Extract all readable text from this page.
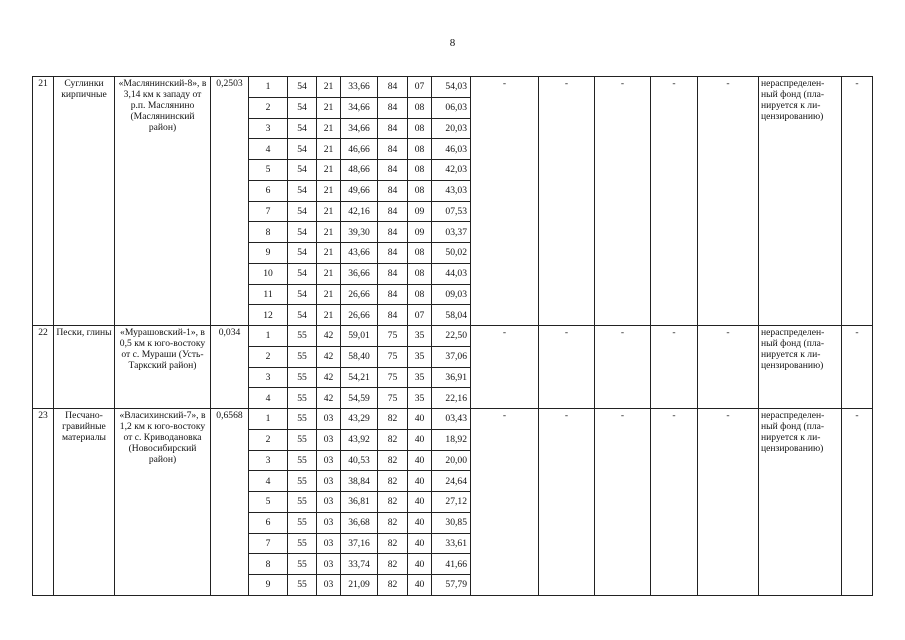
8
21	Суглинки кирпичные	«Маслянинский-8», в 3,14 км к западу от р.п. Маслянино (Маслянинский район)	0,2503	1	54	21	33,66	84	07	54,03	-	-	-	-	-	нераспределен-ный фонд (пла-нируется к ли-цензированию)	-
				2	54	21	34,66	84	08	06,03							
				3	54	21	34,66	84	08	20,03							
				4	54	21	46,66	84	08	46,03							
				5	54	21	48,66	84	08	42,03							
				6	54	21	49,66	84	08	43,03							
				7	54	21	42,16	84	09	07,53							
				8	54	21	39,30	84	09	03,37							
				9	54	21	43,66	84	08	50,02							
				10	54	21	36,66	84	08	44,03							
				11	54	21	26,66	84	08	09,03							
				12	54	21	26,66	84	07	58,04							
22	Пески, глины	«Мурашовский-1», в 0,5 км к юго-востоку от с. Мураши (Усть-Таркский район)	0,034	1	55	42	59,01	75	35	22,50	-	-	-	-	-	нераспределен-ный фонд (пла-нируется к ли-цензированию)	-
				2	55	42	58,40	75	35	37,06							
				3	55	42	54,21	75	35	36,91							
				4	55	42	54,59	75	35	22,16							
23	Песчано-гравийные материалы	«Власихинский-7», в 1,2 км к юго-востоку от с. Криводановка (Новосибирский район)	0,6568	1	55	03	43,29	82	40	03,43	-	-	-	-	-	нераспределен-ный фонд (пла-нируется к ли-цензированию)	-
				2	55	03	43,92	82	40	18,92							
				3	55	03	40,53	82	40	20,00							
				4	55	03	38,84	82	40	24,64							
				5	55	03	36,81	82	40	27,12							
				6	55	03	36,68	82	40	30,85							
				7	55	03	37,16	82	40	33,61							
				8	55	03	33,74	82	40	41,66							
				9	55	03	21,09	82	40	57,79							
